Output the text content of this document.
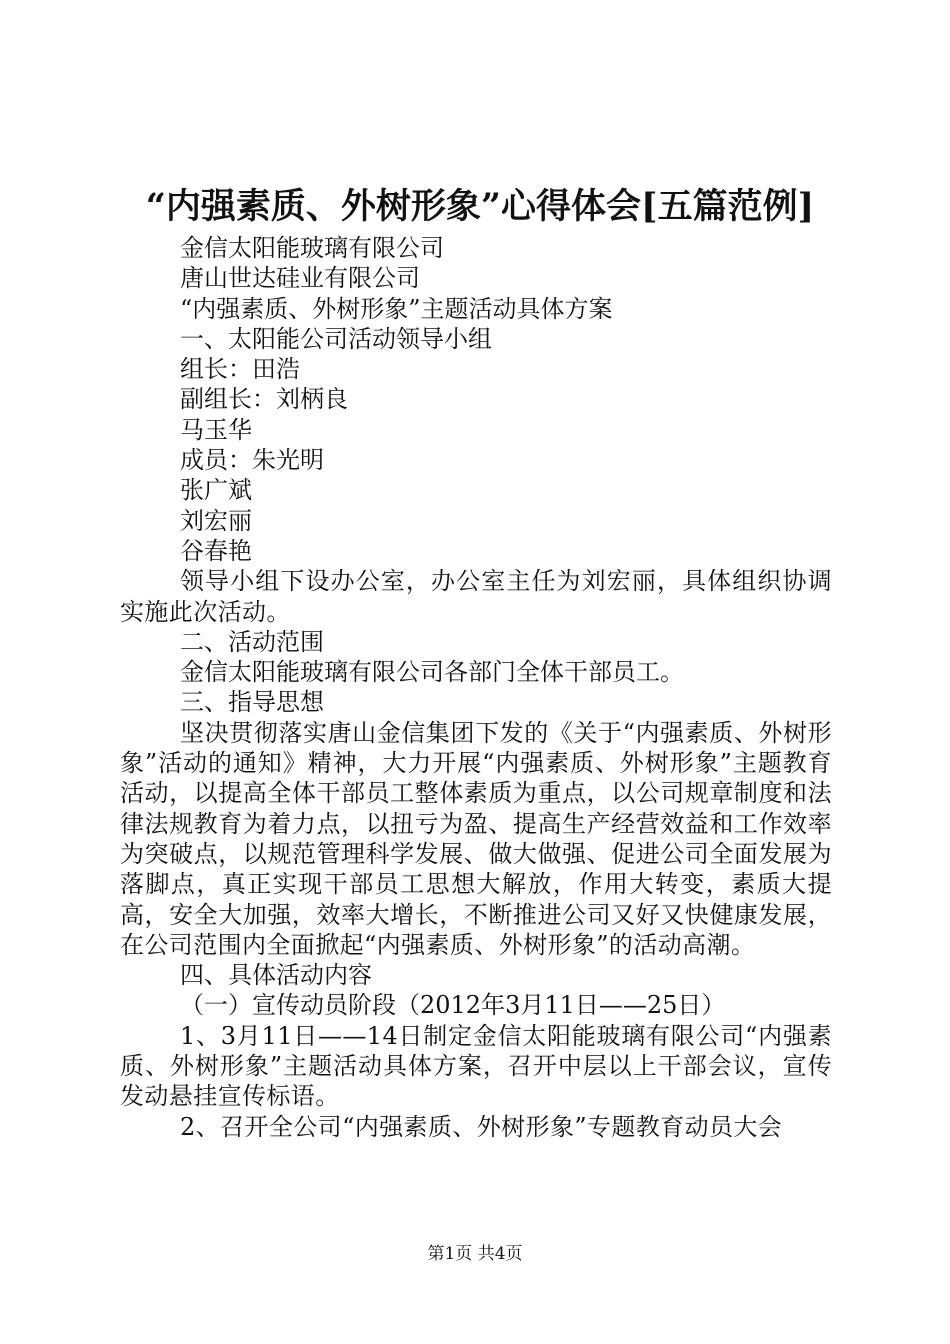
“内强素质、外树形象”心得体会[五篇范例]
金信太阳能玻璃有限公司
唐山世达硅业有限公司
“内强素质、外树形象”主题活动具体方案
一、太阳能公司活动领导小组
组长：田浩
副组长：刘柄良
马玉华
成员：朱光明
张广斌
刘宏丽
谷春艳
领导小组下设办公室，办公室主任为刘宏丽，具体组织协调实施此次活动。
二、活动范围
金信太阳能玻璃有限公司各部门全体干部员工。
三、指导思想
坚决贯彻落实唐山金信集团下发的《关于“内强素质、外树形象”活动的通知》精神，大力开展“内强素质、外树形象”主题教育活动，以提高全体干部员工整体素质为重点，以公司规章制度和法律法规教育为着力点，以扭亏为盈、提高生产经营效益和工作效率为突破点，以规范管理科学发展、做大做强、促进公司全面发展为落脚点，真正实现干部员工思想大解放，作用大转变，素质大提高，安全大加强，效率大增长，不断推进公司又好又快健康发展，在公司范围内全面掀起“内强素质、外树形象”的活动高潮。
四、具体活动内容
（一）宣传动员阶段（2012年3月11日——25日）
1、3月11日——14日制定金信太阳能玻璃有限公司“内强素质、外树形象”主题活动具体方案，召开中层以上干部会议，宣传发动悬挂宣传标语。
2、召开全公司“内强素质、外树形象”专题教育动员大会
第1页 共4页
